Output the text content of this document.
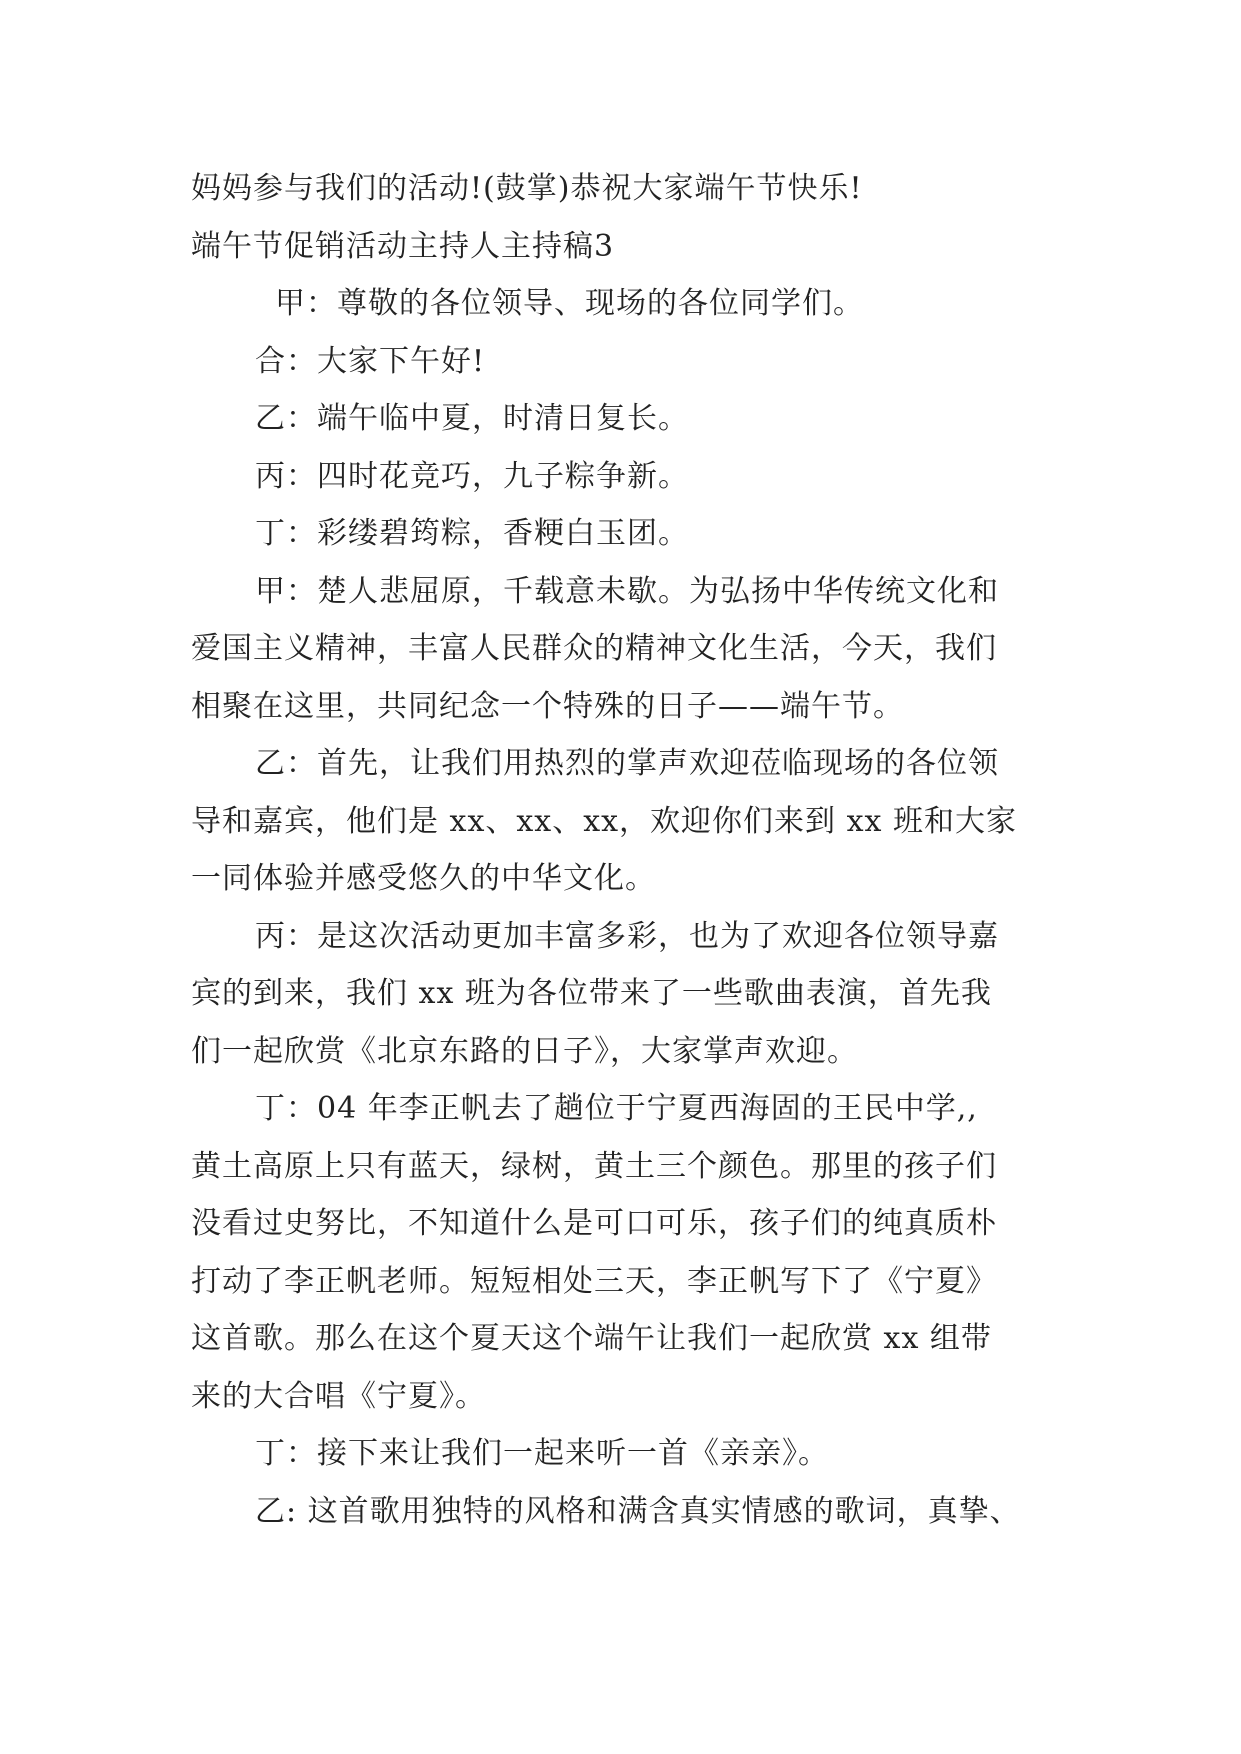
妈妈参与我们的活动!(鼓掌)恭祝大家端午节快乐!
端午节促销活动主持人主持稿3
甲：尊敬的各位领导、现场的各位同学们。
合：大家下午好!
乙：端午临中夏，时清日复长。
丙：四时花竞巧，九子粽争新。
丁：彩缕碧筠粽，香粳白玉团。
甲：楚人悲屈原，千载意未歇。为弘扬中华传统文化和
爱国主义精神，丰富人民群众的精神文化生活，今天，我们
相聚在这里，共同纪念一个特殊的日子——端午节。
乙：首先，让我们用热烈的掌声欢迎莅临现场的各位领
导和嘉宾，他们是 xx、xx、xx，欢迎你们来到 xx 班和大家
一同体验并感受悠久的中华文化。
丙：是这次活动更加丰富多彩，也为了欢迎各位领导嘉
宾的到来，我们 xx 班为各位带来了一些歌曲表演，首先我
们一起欣赏《北京东路的日子》，大家掌声欢迎。
丁：04 年李正帆去了趟位于宁夏西海固的王民中学,,
黄土高原上只有蓝天，绿树，黄土三个颜色。那里的孩子们
没看过史努比，不知道什么是可口可乐，孩子们的纯真质朴
打动了李正帆老师。短短相处三天，李正帆写下了《宁夏》
这首歌。那么在这个夏天这个端午让我们一起欣赏 xx 组带
来的大合唱《宁夏》。
丁：接下来让我们一起来听一首《亲亲》。
乙: 这首歌用独特的风格和满含真实情感的歌词，真挚、
